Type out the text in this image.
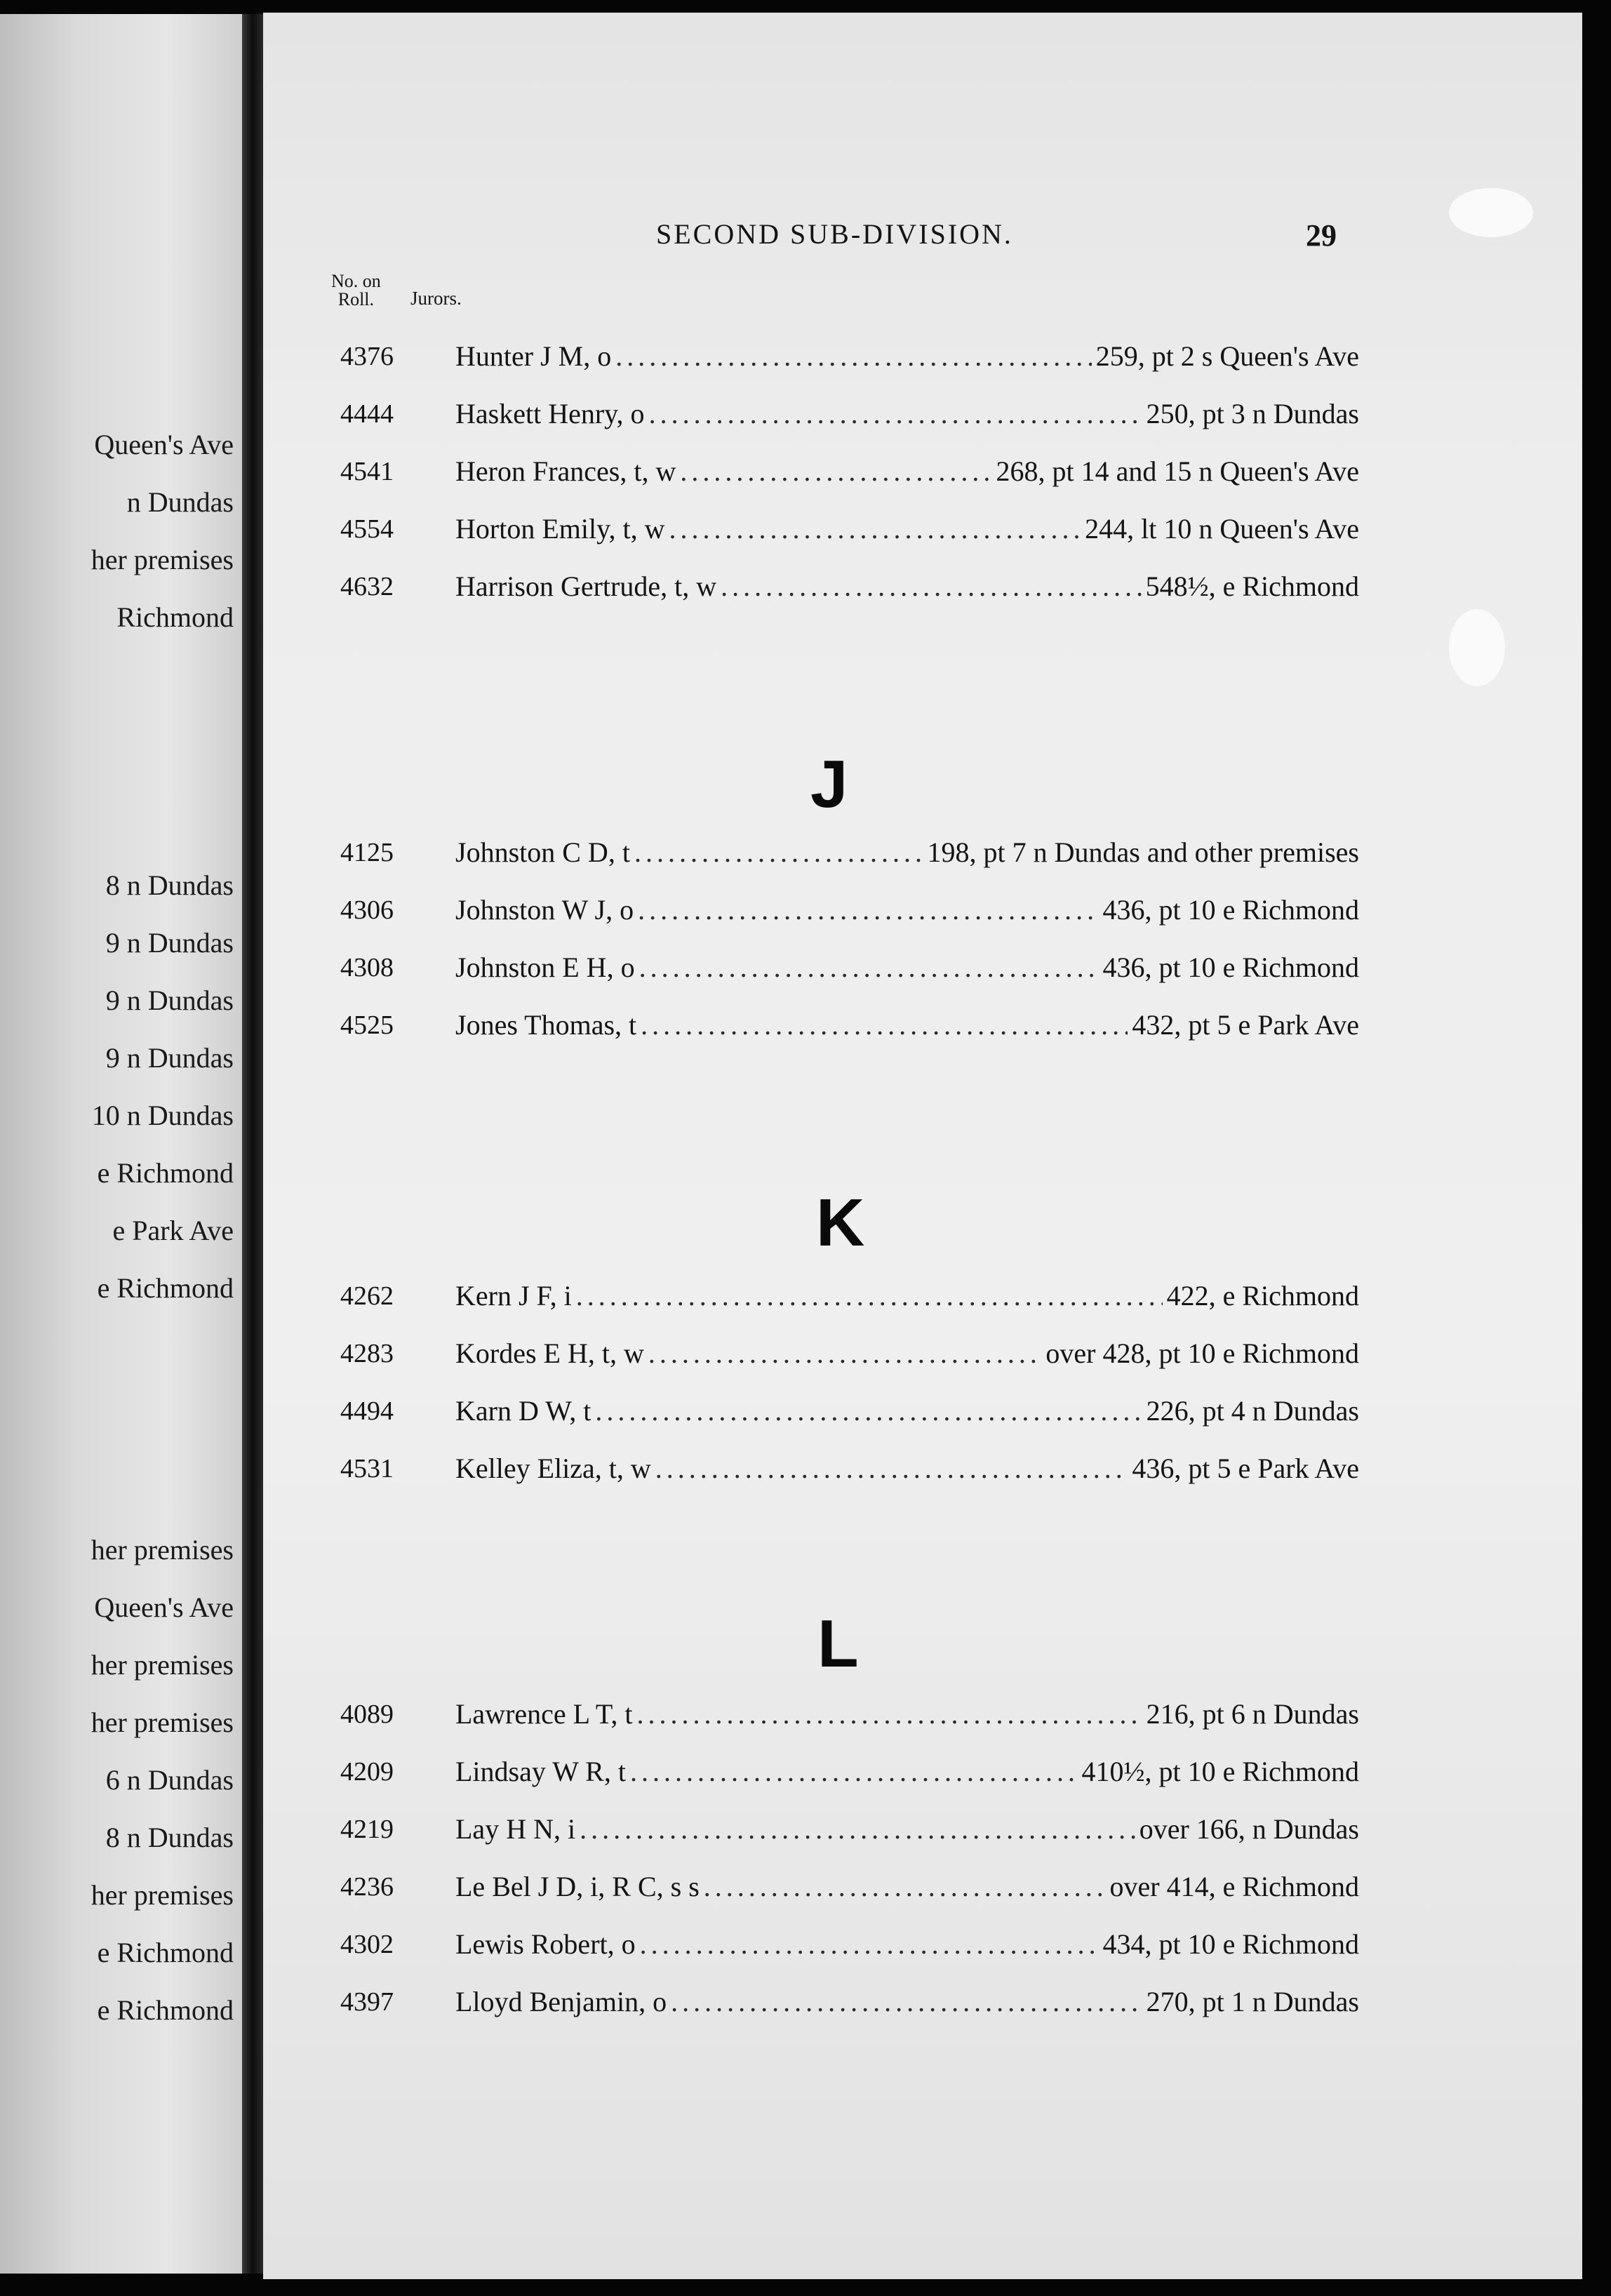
Queen's Ave
n Dundas
her premises
Richmond
8 n Dundas
9 n Dundas
9 n Dundas
9 n Dundas
10 n Dundas
e Richmond
e Park Ave
e Richmond
her premises
Queen's Ave
her premises
her premises
6 n Dundas
8 n Dundas
her premises
e Richmond
e Richmond
SECOND SUB-DIVISION.	29
No. on
Roll.	Jurors.
4376 Hunter J M, o .....	259, pt 2 s Queen's Ave
4444 Haskett Henry, o .....	250, pt 3 n Dundas
4541 Heron Frances, t, w .....	268, pt 14 and 15 n Queen's Ave
4554 Horton Emily, t, w .....	244, lt 10 n Queen's Ave
4632 Harrison Gertrude, t, w .....	548½, e Richmond
J
4125 Johnston C D, t .....	198, pt 7 n Dundas and other premises
4306 Johnston W J, o .....	436, pt 10 e Richmond
4308 Johnston E H, o .....	436, pt 10 e Richmond
4525 Jones Thomas, t .....	432, pt 5 e Park Ave
K
4262 Kern J F, i .....	422, e Richmond
4283 Kordes E H, t, w .....	over 428, pt 10 e Richmond
4494 Karn D W, t .....	226, pt 4 n Dundas
4531 Kelley Eliza, t, w .....	436, pt 5 e Park Ave
L
4089 Lawrence L T, t .....	216, pt 6 n Dundas
4209 Lindsay W R, t .....	410½, pt 10 e Richmond
4219 Lay H N, i .....	over 166, n Dundas
4236 Le Bel J D, i, R C, s s .....	over 414, e Richmond
4302 Lewis Robert, o .....	434, pt 10 e Richmond
4397 Lloyd Benjamin, o .....	270, pt 1 n Dundas
